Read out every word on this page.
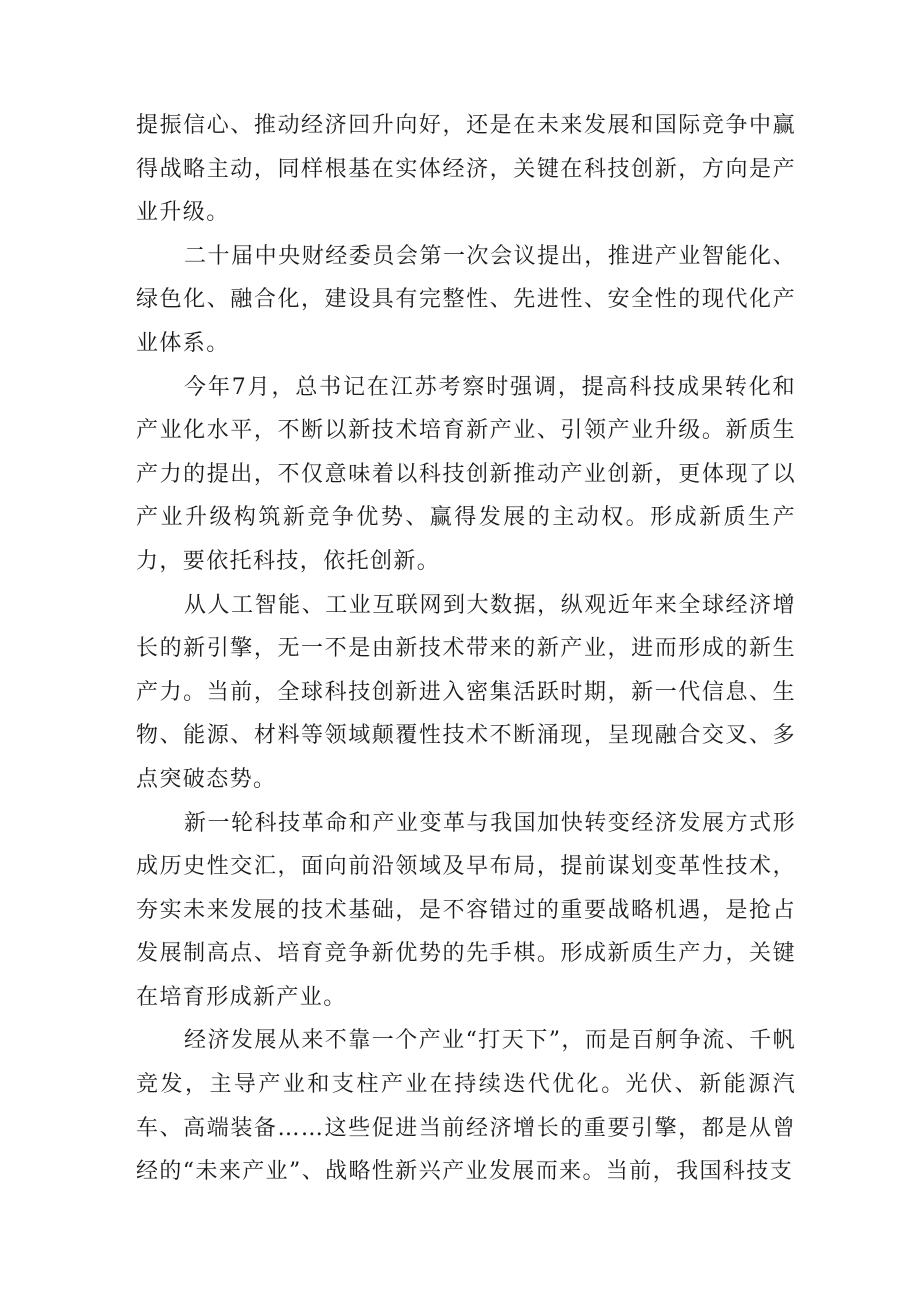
提振信心、推动经济回升向好，还是在未来发展和国际竞争中赢得战略主动，同样根基在实体经济，关键在科技创新，方向是产业升级。

二十届中央财经委员会第一次会议提出，推进产业智能化、绿色化、融合化，建设具有完整性、先进性、安全性的现代化产业体系。

今年7月，总书记在江苏考察时强调，提高科技成果转化和产业化水平，不断以新技术培育新产业、引领产业升级。新质生产力的提出，不仅意味着以科技创新推动产业创新，更体现了以产业升级构筑新竞争优势、赢得发展的主动权。形成新质生产力，要依托科技，依托创新。

从人工智能、工业互联网到大数据，纵观近年来全球经济增长的新引擎，无一不是由新技术带来的新产业，进而形成的新生产力。当前，全球科技创新进入密集活跃时期，新一代信息、生物、能源、材料等领域颠覆性技术不断涌现，呈现融合交叉、多点突破态势。

新一轮科技革命和产业变革与我国加快转变经济发展方式形成历史性交汇，面向前沿领域及早布局，提前谋划变革性技术，夯实未来发展的技术基础，是不容错过的重要战略机遇，是抢占发展制高点、培育竞争新优势的先手棋。形成新质生产力，关键在培育形成新产业。

经济发展从来不靠一个产业“打天下”，而是百舸争流、千帆竞发，主导产业和支柱产业在持续迭代优化。光伏、新能源汽车、高端装备……这些促进当前经济增长的重要引擎，都是从曾经的“未来产业”、战略性新兴产业发展而来。当前，我国科技支
